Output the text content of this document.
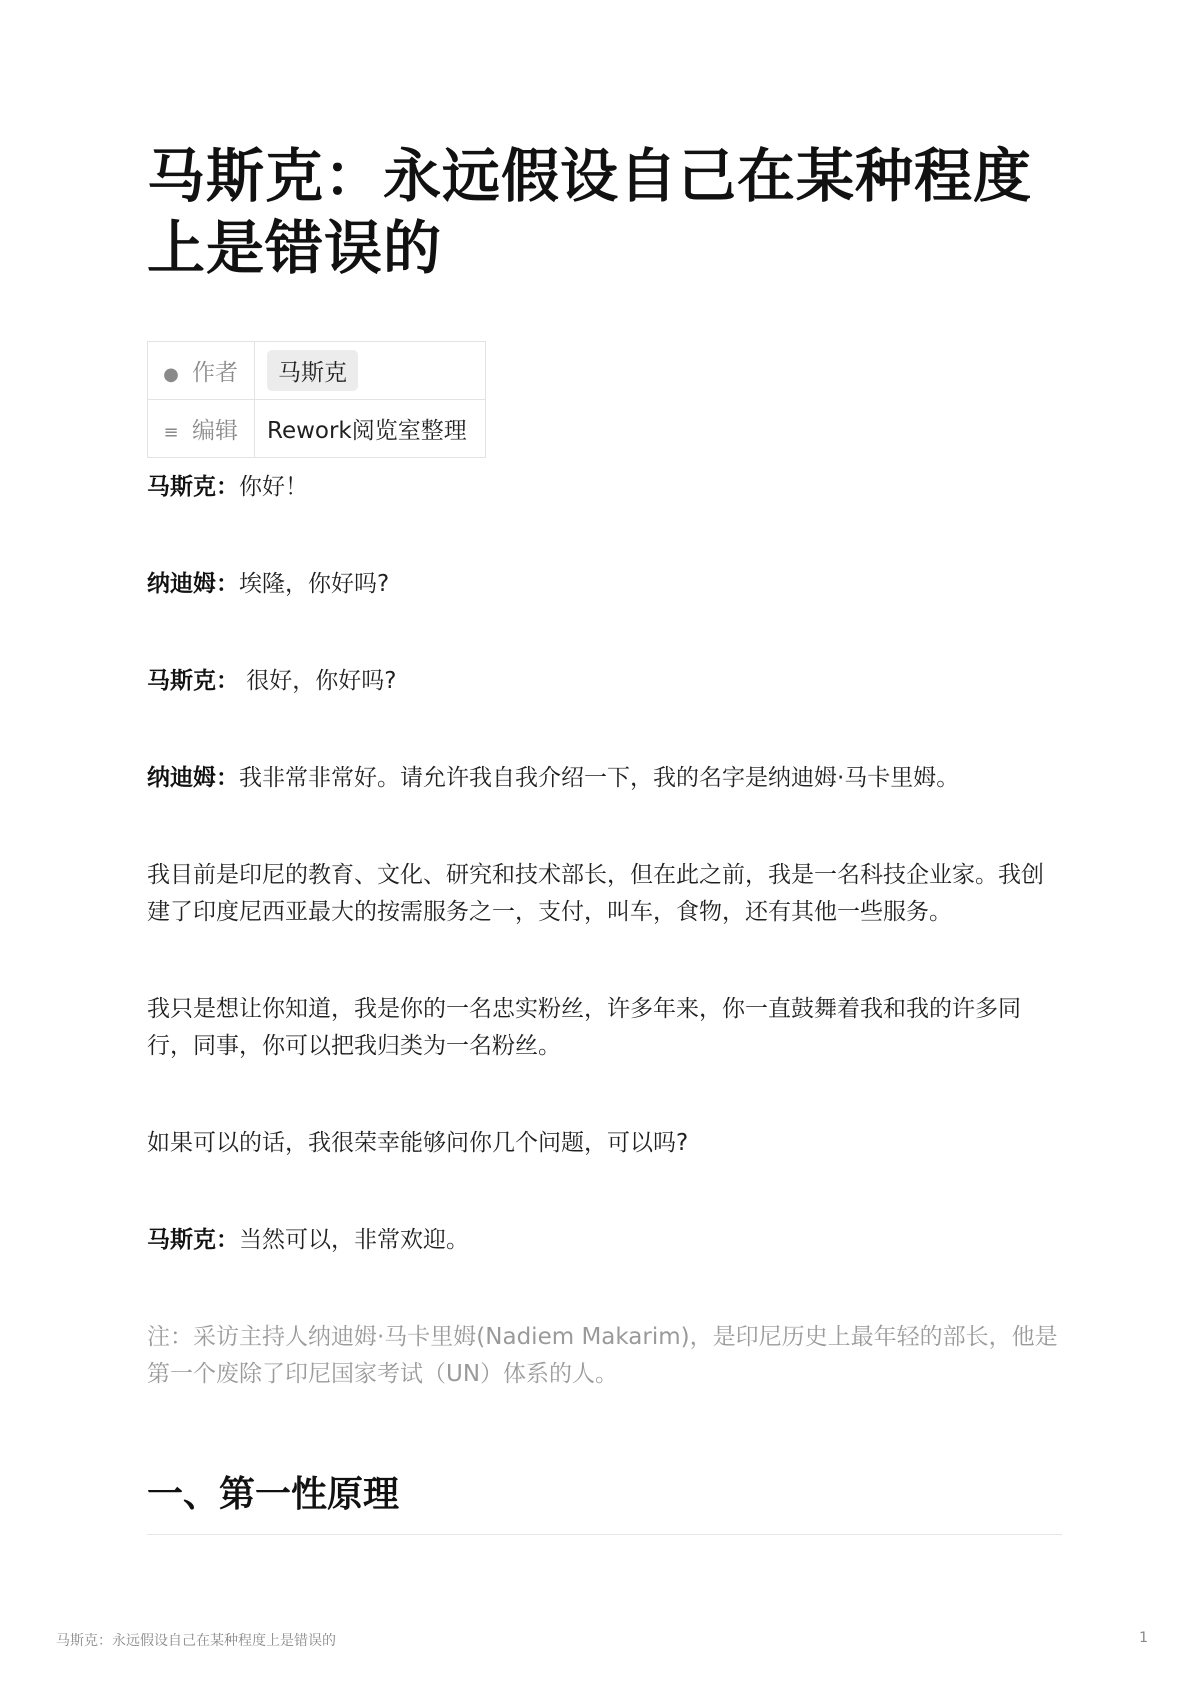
马斯克：永远假设自己在某种程度上是错误的
● 作者	马斯克
≡ 编辑	Rework阅览室整理

马斯克：你好！

纳迪姆：埃隆，你好吗?

马斯克： 很好，你好吗?

纳迪姆：我非常非常好。请允许我自我介绍一下，我的名字是纳迪姆·马卡里姆。

我目前是印尼的教育、文化、研究和技术部长，但在此之前，我是一名科技企业家。我创建了印度尼西亚最大的按需服务之一，支付，叫车，食物，还有其他一些服务。

我只是想让你知道，我是你的一名忠实粉丝，许多年来，你一直鼓舞着我和我的许多同行，同事，你可以把我归类为一名粉丝。

如果可以的话，我很荣幸能够问你几个问题，可以吗?

马斯克：当然可以，非常欢迎。

注：采访主持人纳迪姆·马卡里姆(Nadiem Makarim)，是印尼历史上最年轻的部长，他是第一个废除了印尼国家考试（UN）体系的人。

一、第一性原理
马斯克：永远假设自己在某种程度上是错误的	1
